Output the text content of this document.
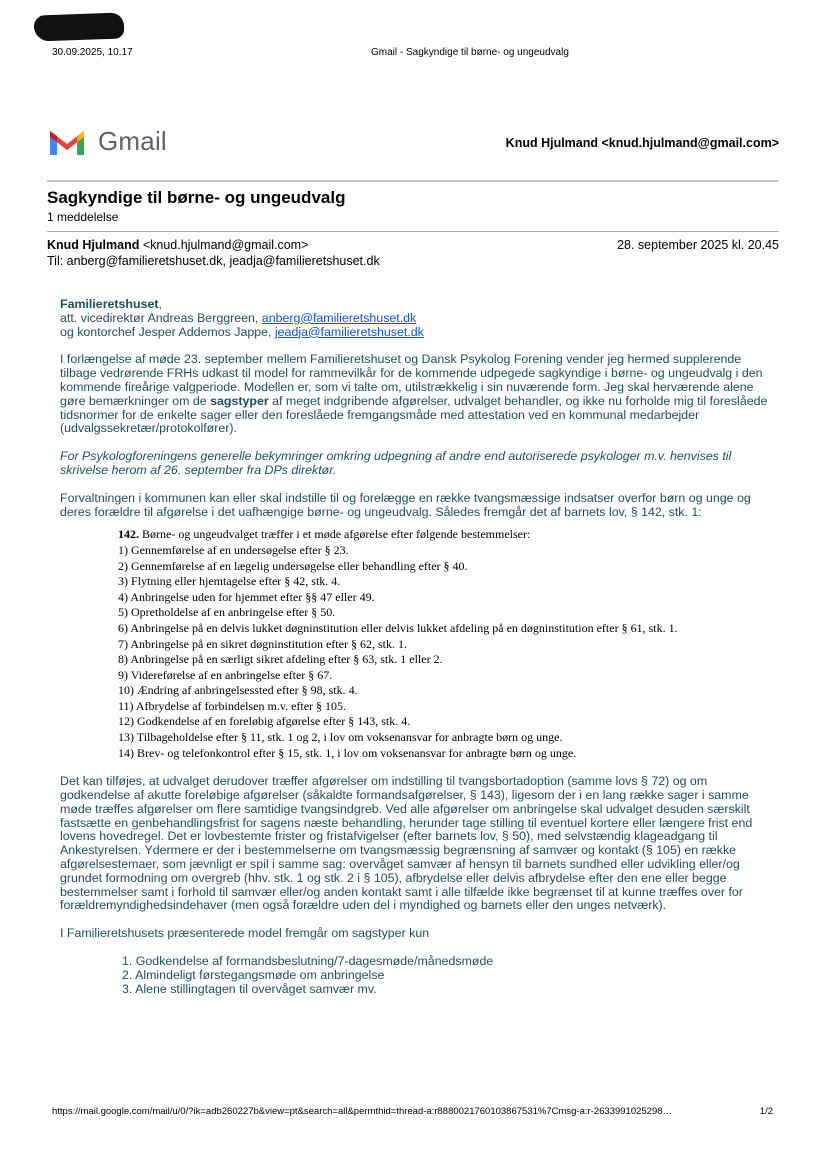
30.09.2025, 10.17	Gmail - Sagkyndige til børne- og ungeudvalg
Gmail	Knud Hjulmand <knud.hjulmand@gmail.com>
Sagkyndige til børne- og ungeudvalg
1 meddelelse
Knud Hjulmand <knud.hjulmand@gmail.com>	28. september 2025 kl. 20.45
Til: anberg@familieretshuset.dk, jeadja@familieretshuset.dk

Familieretshuset,

att. vicedirektør Andreas Berggreen, anberg@familieretshuset.dk

og kontorchef Jesper Addemos Jappe, jeadja@familieretshuset.dk

I forlængelse af møde 23. september mellem Familieretshuset og Dansk Psykolog Forening vender jeg hermed supplerende tilbage vedrørende FRHs udkast til model for rammevilkår for de kommende udpegede sagkyndige i børne- og ungeudvalg i den kommende fireårige valgperiode. Modellen er, som vi talte om, utilstrækkelig i sin nuværende form. Jeg skal herværende alene gøre bemærkninger om de sagstyper af meget indgribende afgørelser, udvalget behandler, og ikke nu forholde mig til foreslåede tidsnormer for de enkelte sager eller den foreslåede fremgangsmåde med attestation ved en kommunal medarbejder (udvalgssekretær/protokolfører).

For Psykologforeningens generelle bekymringer omkring udpegning af andre end autoriserede psykologer m.v. henvises til skrivelse herom af 26. september fra DPs direktør.

Forvaltningen i kommunen kan eller skal indstille til og forelægge en række tvangsmæssige indsatser overfor børn og unge og deres forældre til afgørelse i det uafhængige børne- og ungeudvalg. Således fremgår det af barnets lov, § 142, stk. 1:

142. Børne- og ungeudvalget træffer i et møde afgørelse efter følgende bestemmelser:
1) Gennemførelse af en undersøgelse efter § 23.
2) Gennemførelse af en lægelig undersøgelse eller behandling efter § 40.
3) Flytning eller hjemtagelse efter § 42, stk. 4.
4) Anbringelse uden for hjemmet efter §§ 47 eller 49.
5) Opretholdelse af en anbringelse efter § 50.
6) Anbringelse på en delvis lukket døgninstitution eller delvis lukket afdeling på en døgninstitution efter § 61, stk. 1.
7) Anbringelse på en sikret døgninstitution efter § 62, stk. 1.
8) Anbringelse på en særligt sikret afdeling efter § 63, stk. 1 eller 2.
9) Videreførelse af en anbringelse efter § 67.
10) Ændring af anbringelsessted efter § 98, stk. 4.
11) Afbrydelse af forbindelsen m.v. efter § 105.
12) Godkendelse af en foreløbig afgørelse efter § 143, stk. 4.
13) Tilbageholdelse efter § 11, stk. 1 og 2, i lov om voksenansvar for anbragte børn og unge.
14) Brev- og telefonkontrol efter § 15, stk. 1, i lov om voksenansvar for anbragte børn og unge.

Det kan tilføjes, at udvalget derudover træffer afgørelser om indstilling til tvangsbortadoption (samme lovs § 72) og om godkendelse af akutte foreløbige afgørelser (såkaldte formandsafgørelser, § 143), ligesom der i en lang række sager i samme møde træffes afgørelser om flere samtidige tvangsindgreb. Ved alle afgørelser om anbringelse skal udvalget desuden særskilt fastsætte en genbehandlingsfrist for sagens næste behandling, herunder tage stilling til eventuel kortere eller længere frist end lovens hovedregel. Det er lovbestemte frister og fristafvigelser (efter barnets lov, § 50), med selvstændig klageadgang til Ankestyrelsen. Ydermere er der i bestemmelserne om tvangsmæssig begrænsning af samvær og kontakt (§ 105) en række afgørelsestemaer, som jævnligt er spil i samme sag: overvåget samvær af hensyn til barnets sundhed eller udvikling eller/og grundet formodning om overgreb (hhv. stk. 1 og stk. 2 i § 105), afbrydelse eller delvis afbrydelse efter den ene eller begge bestemmelser samt i forhold til samvær eller/og anden kontakt samt i alle tilfælde ikke begrænset til at kunne træffes over for forældremyndighedsindehaver (men også forældre uden del i myndighed og barnets eller den unges netværk).

I Familieretshusets præsenterede model fremgår om sagstyper kun

1. Godkendelse af formandsbeslutning/7-dagesmøde/månedsmøde
2. Almindeligt førstegangsmøde om anbringelse
3. Alene stillingtagen til overvåget samvær mv.
https://mail.google.com/mail/u/0/?ik=adb260227b&view=pt&search=all&permthid=thread-a:r8880021760103867531%7Cmsg-a:r-2633991025298…	1/2
